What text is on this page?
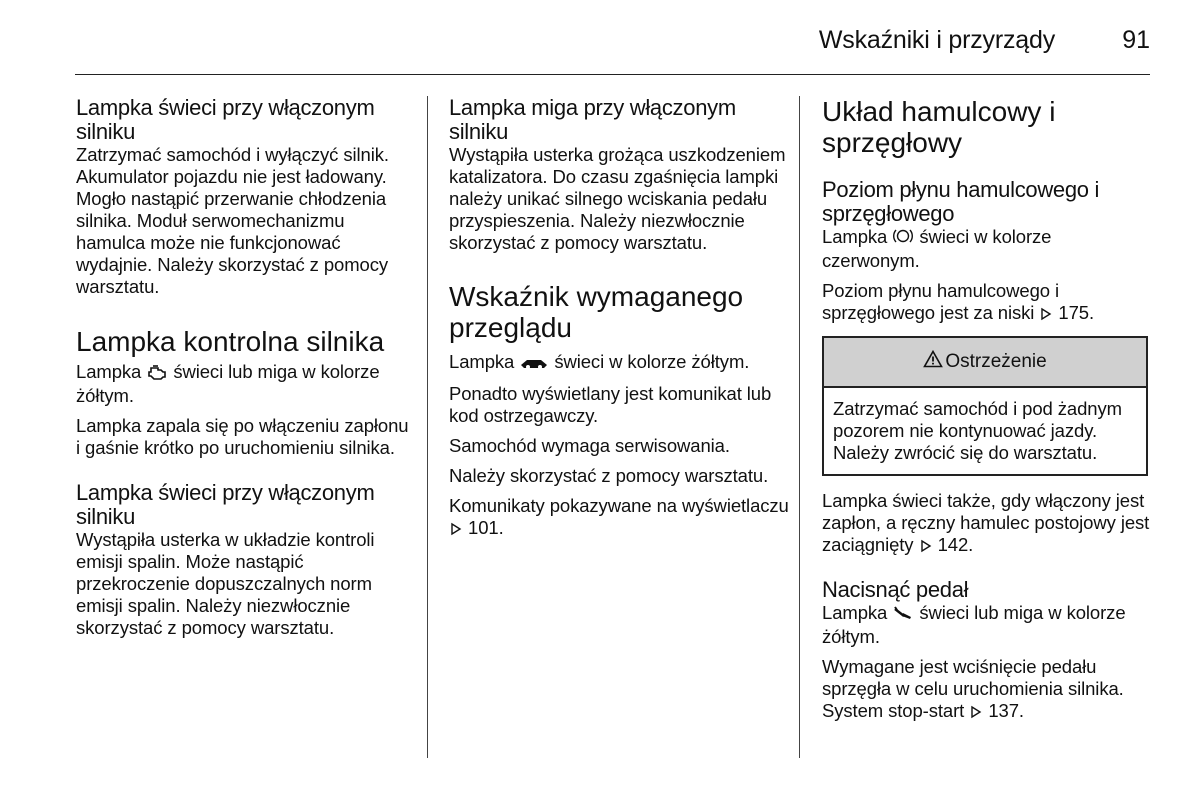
Wskaźniki i przyrządy	91
Lampka świeci przy włączonym silniku

Zatrzymać samochód i wyłączyć silnik. Akumulator pojazdu nie jest ładowany. Mogło nastąpić przerwanie chłodzenia silnika. Moduł serwomechanizmu hamulca może nie funkcjonować wydajnie. Należy skorzystać z pomocy warsztatu.

Lampka kontrolna silnika

Lampka świeci lub miga w kolorze żółtym.

Lampka zapala się po włączeniu zapłonu i gaśnie krótko po uruchomieniu silnika.

Lampka świeci przy włączonym silniku

Wystąpiła usterka w układzie kontroli emisji spalin. Może nastąpić przekroczenie dopuszczalnych norm emisji spalin. Należy niezwłocznie skorzystać z pomocy warsztatu.

Lampka miga przy włączonym silniku

Wystąpiła usterka grożąca uszkodzeniem katalizatora. Do czasu zgaśnięcia lampki należy unikać silnego wciskania pedału przyspieszenia. Należy niezwłocznie skorzystać z pomocy warsztatu.

Wskaźnik wymaganego przeglądu

Lampka świeci w kolorze żółtym.

Ponadto wyświetlany jest komunikat lub kod ostrzegawczy.

Samochód wymaga serwisowania.

Należy skorzystać z pomocy warsztatu.

Komunikaty pokazywane na wyświetlaczu  101.

Układ hamulcowy i sprzęgłowy
Poziom płynu hamulcowego i sprzęgłowego

Lampka świeci w kolorze czerwonym.

Poziom płynu hamulcowego i sprzęgłowego jest za niski 175.

Ostrzeżenie

Zatrzymać samochód i pod żadnym pozorem nie kontynuować jazdy. Należy zwrócić się do warsztatu.

Lampka świeci także, gdy włączony jest zapłon, a ręczny hamulec postojowy jest zaciągnięty 142.

Nacisnąć pedał

Lampka świeci lub miga w kolorze żółtym.

Wymagane jest wciśnięcie pedału sprzęgła w celu uruchomienia silnika. System stop-start 137.
